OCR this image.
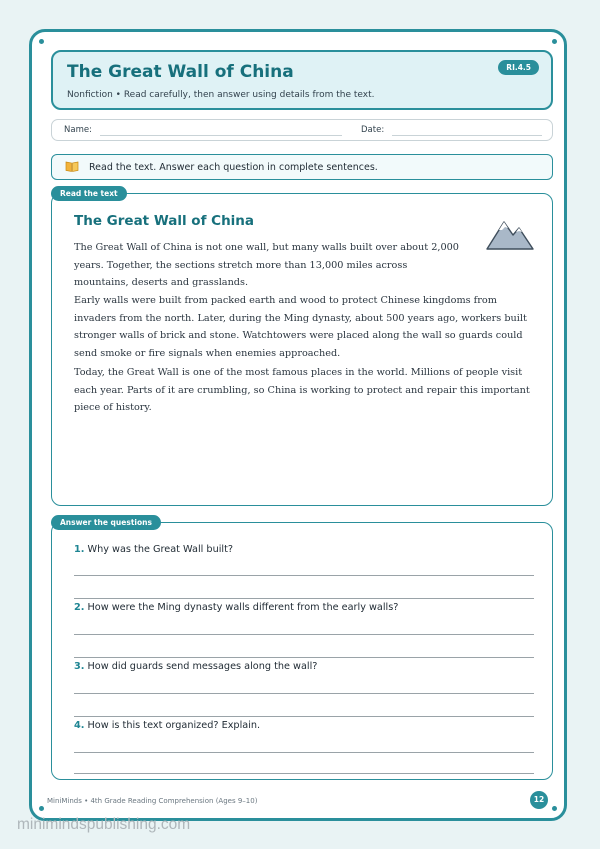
The Great Wall of China
Nonfiction • Read carefully, then answer using details from the text.
RI.4.5
Name:	Date:
Read the text. Answer each question in complete sentences.
Read the text
The Great Wall of China

The Great Wall of China is not one wall, but many walls built over about 2,000 years. Together, the sections stretch more than 13,000 miles across mountains, deserts and grasslands.

Early walls were built from packed earth and wood to protect Chinese kingdoms from invaders from the north. Later, during the Ming dynasty, about 500 years ago, workers built stronger walls of brick and stone. Watchtowers were placed along the wall so guards could send smoke or fire signals when enemies approached.

Today, the Great Wall is one of the most famous places in the world. Millions of people visit each year. Parts of it are crumbling, so China is working to protect and repair this important piece of history.

Answer the questions
1. Why was the Great Wall built?
2. How were the Ming dynasty walls different from the early walls?
3. How did guards send messages along the wall?
4. How is this text organized? Explain.
MiniMinds • 4th Grade Reading Comprehension (Ages 9–10)	12
minimindspublishing.com
